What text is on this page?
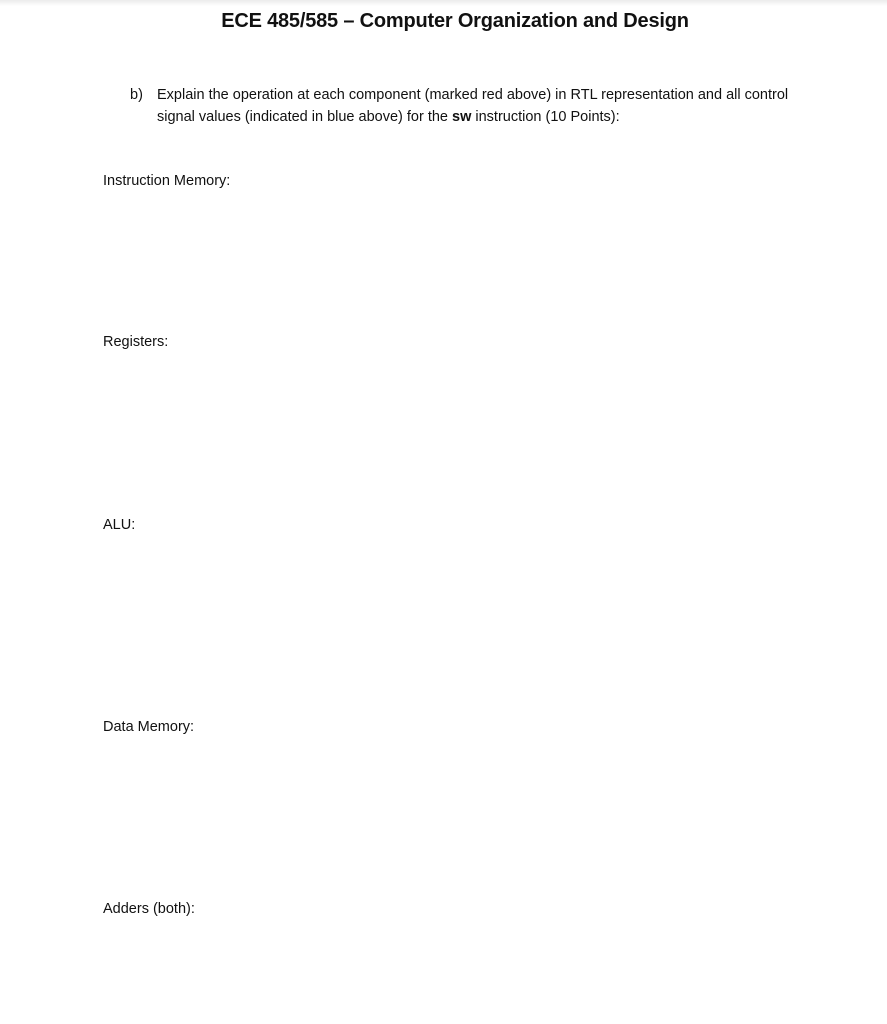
ECE 485/585 – Computer Organization and Design
b) Explain the operation at each component (marked red above) in RTL representation and all control signal values (indicated in blue above) for the sw instruction (10 Points):
Instruction Memory:
Registers:
ALU:
Data Memory:
Adders (both):
